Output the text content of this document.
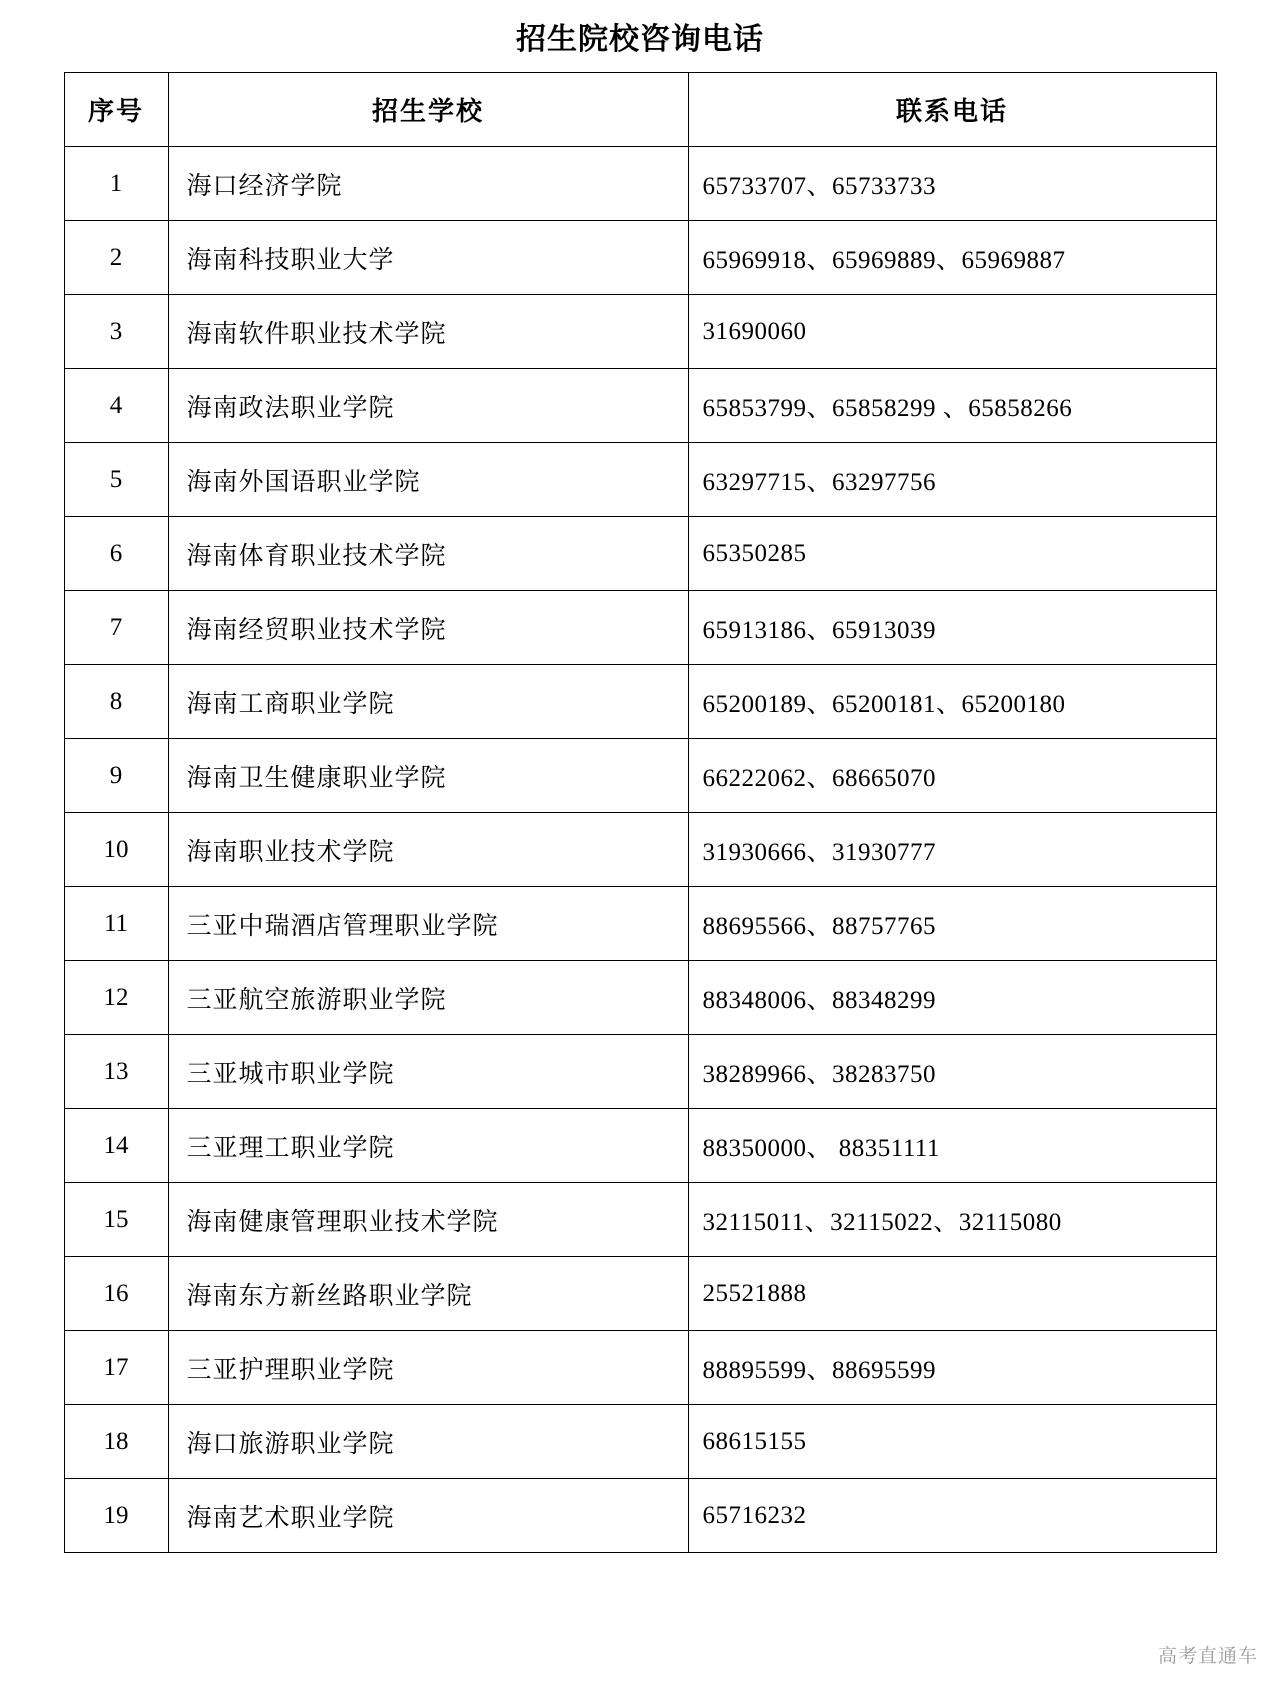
招生院校咨询电话
序号	招生学校	联系电话
1	海口经济学院	65733707、65733733
2	海南科技职业大学	65969918、65969889、65969887
3	海南软件职业技术学院	31690060
4	海南政法职业学院	65853799、65858299 、65858266
5	海南外国语职业学院	63297715、63297756
6	海南体育职业技术学院	65350285
7	海南经贸职业技术学院	65913186、65913039
8	海南工商职业学院	65200189、65200181、65200180
9	海南卫生健康职业学院	66222062、68665070
10	海南职业技术学院	31930666、31930777
11	三亚中瑞酒店管理职业学院	88695566、88757765
12	三亚航空旅游职业学院	88348006、88348299
13	三亚城市职业学院	38289966、38283750
14	三亚理工职业学院	88350000、 88351111
15	海南健康管理职业技术学院	32115011、32115022、32115080
16	海南东方新丝路职业学院	25521888
17	三亚护理职业学院	88895599、88695599
18	海口旅游职业学院	68615155
19	海南艺术职业学院	65716232
高考直通车
